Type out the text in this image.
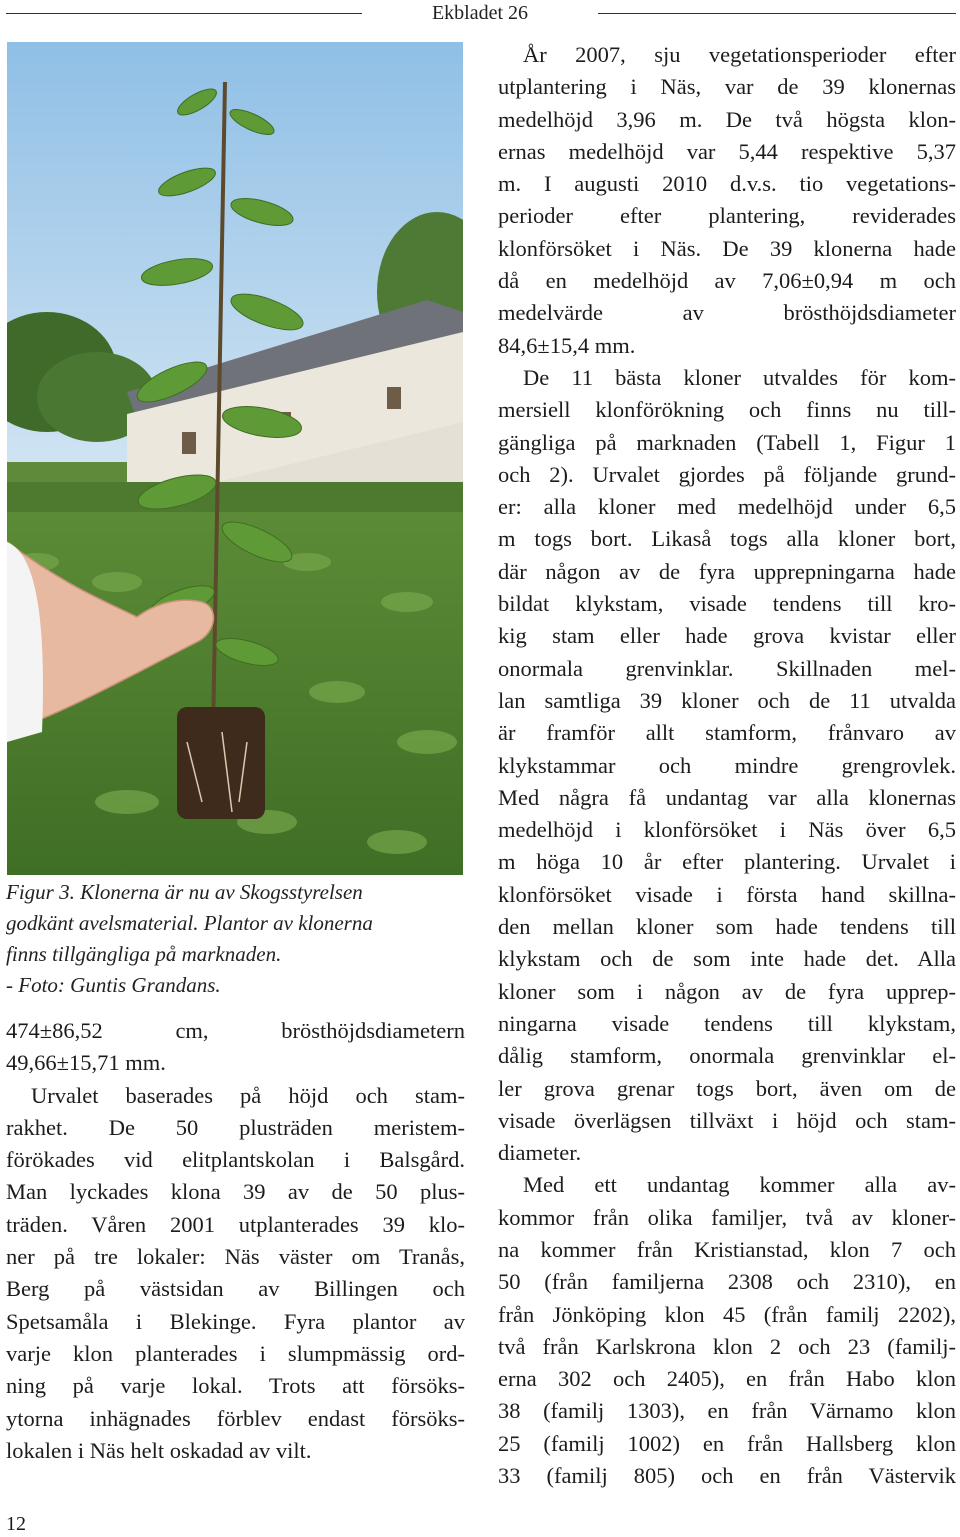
Ekbladet 26
Figur 3. Klonerna är nu av Skogsstyrelsen
godkänt avelsmaterial. Plantor av klonerna
finns tillgängliga på marknaden.
- Foto: Guntis Grandans.
474±86,52 cm, brösthöjdsdiametern
49,66±15,71 mm.
Urvalet baserades på höjd och stam-
rakhet. De 50 plusträden meristem-
förökades vid elitplantskolan i Balsgård.
Man lyckades klona 39 av de 50 plus-
träden. Våren 2001 utplanterades 39 klo-
ner på tre lokaler: Näs väster om Tranås,
Berg på västsidan av Billingen och
Spetsamåla i Blekinge. Fyra plantor av
varje klon planterades i slumpmässig ord-
ning på varje lokal. Trots att försöks-
ytorna inhägnades förblev endast försöks-
lokalen i Näs helt oskadad av vilt.
År 2007, sju vegetationsperioder efter
utplantering i Näs, var de 39 klonernas
medelhöjd 3,96 m. De två högsta klon-
ernas medelhöjd var 5,44 respektive 5,37
m. I augusti 2010 d.v.s. tio vegetations-
perioder efter plantering, reviderades
klonförsöket i Näs. De 39 klonerna hade
då en medelhöjd av 7,06±0,94 m och
medelvärde av brösthöjdsdiameter
84,6±15,4 mm.
De 11 bästa kloner utvaldes för kom-
mersiell klonförökning och finns nu till-
gängliga på marknaden (Tabell 1, Figur 1
och 2). Urvalet gjordes på följande grund-
er: alla kloner med medelhöjd under 6,5
m togs bort. Likaså togs alla kloner bort,
där någon av de fyra upprepningarna hade
bildat klykstam, visade tendens till kro-
kig stam eller hade grova kvistar eller
onormala grenvinklar. Skillnaden mel-
lan samtliga 39 kloner och de 11 utvalda
är framför allt stamform, frånvaro av
klykstammar och mindre grengrovlek.
Med några få undantag var alla klonernas
medelhöjd i klonförsöket i Näs över 6,5
m höga 10 år efter plantering. Urvalet i
klonförsöket visade i första hand skillna-
den mellan kloner som hade tendens till
klykstam och de som inte hade det. Alla
kloner som i någon av de fyra upprep-
ningarna visade tendens till klykstam,
dålig stamform, onormala grenvinklar el-
ler grova grenar togs bort, även om de
visade överlägsen tillväxt i höjd och stam-
diameter.
Med ett undantag kommer alla av-
kommor från olika familjer, två av kloner-
na kommer från Kristianstad, klon 7 och
50 (från familjerna 2308 och 2310), en
från Jönköping klon 45 (från familj 2202),
två från Karlskrona klon 2 och 23 (familj-
erna 302 och 2405), en från Habo klon
38 (familj 1303), en från Värnamo klon
25 (familj 1002) en från Hallsberg klon
33 (familj 805) och en från Västervik
12
